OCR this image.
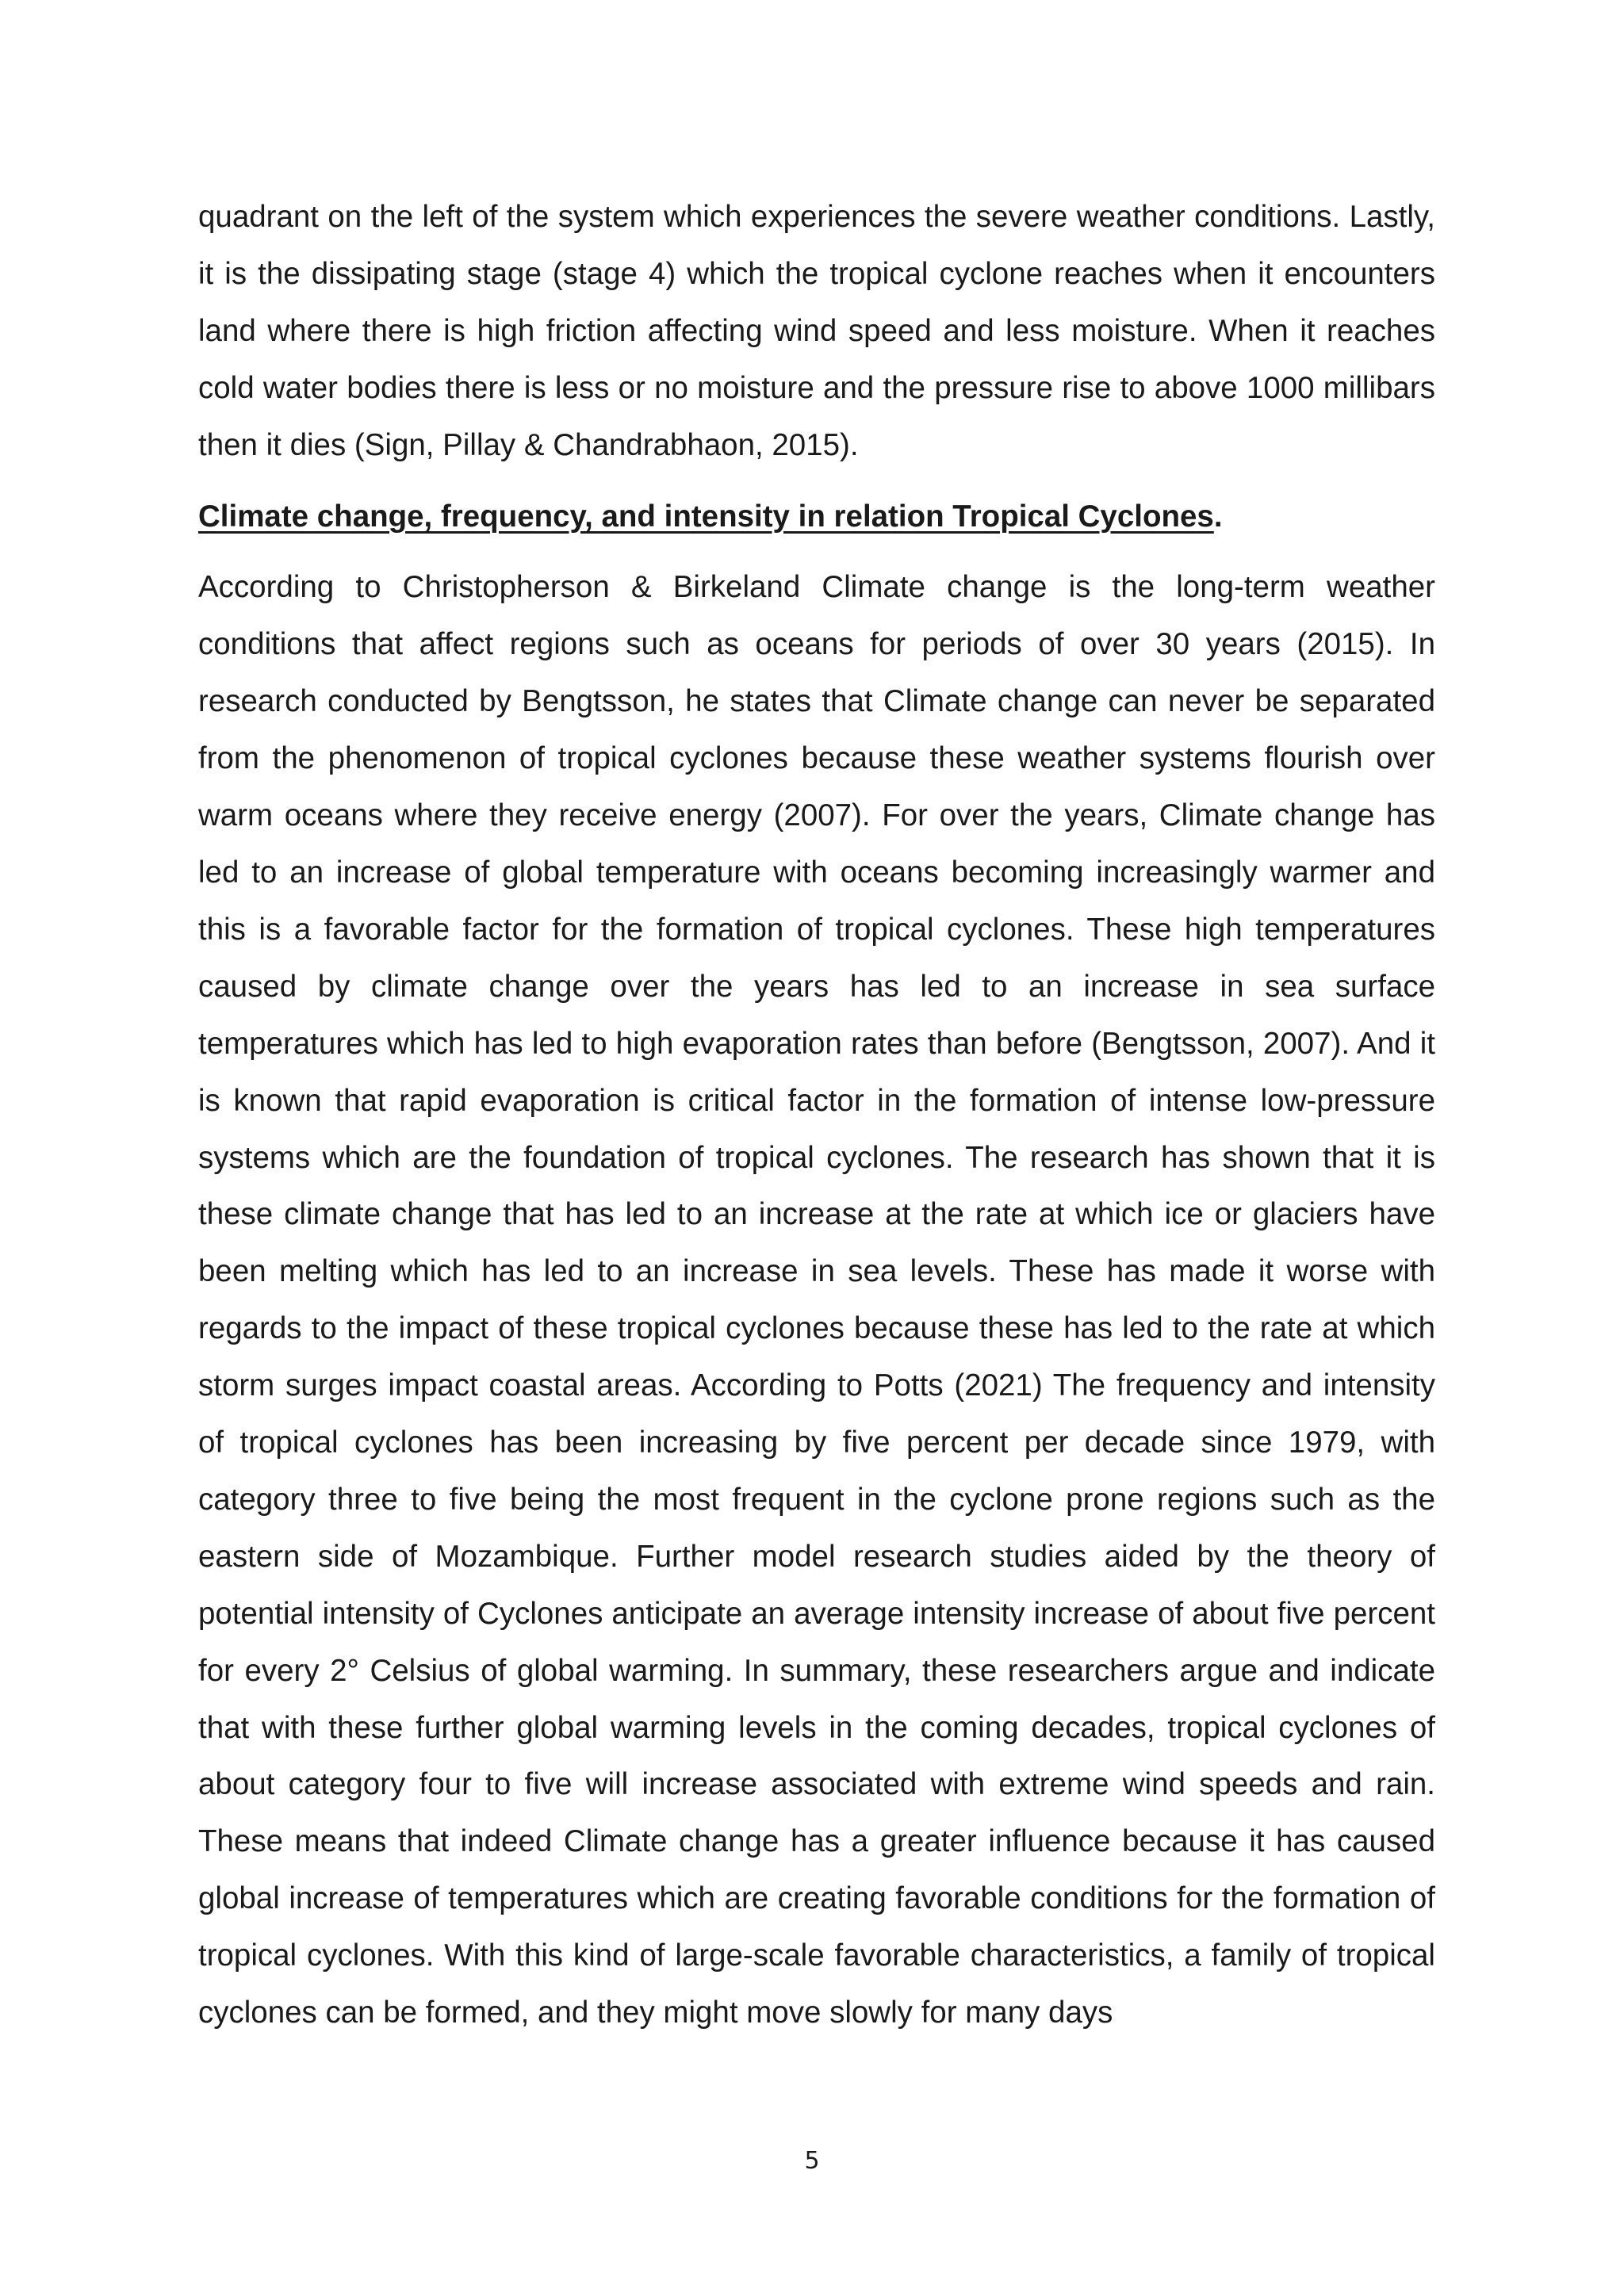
quadrant on the left of the system which experiences the severe weather conditions. Lastly, it is the dissipating stage (stage 4) which the tropical cyclone reaches when it encounters land where there is high friction affecting wind speed and less moisture. When it reaches cold water bodies there is less or no moisture and the pressure rise to above 1000 millibars then it dies (Sign, Pillay & Chandrabhaon, 2015).

Climate change, frequency, and intensity in relation Tropical Cyclones.

According to Christopherson & Birkeland Climate change is the long-term weather conditions that affect regions such as oceans for periods of over 30 years (2015). In research conducted by Bengtsson, he states that Climate change can never be separated from the phenomenon of tropical cyclones because these weather systems flourish over warm oceans where they receive energy (2007). For over the years, Climate change has led to an increase of global temperature with oceans becoming increasingly warmer and this is a favorable factor for the formation of tropical cyclones. These high temperatures caused by climate change over the years has led to an increase in sea surface temperatures which has led to high evaporation rates than before (Bengtsson, 2007). And it is known that rapid evaporation is critical factor in the formation of intense low-pressure systems which are the foundation of tropical cyclones. The research has shown that it is these climate change that has led to an increase at the rate at which ice or glaciers have been melting which has led to an increase in sea levels. These has made it worse with regards to the impact of these tropical cyclones because these has led to the rate at which storm surges impact coastal areas. According to Potts (2021) The frequency and intensity of tropical cyclones has been increasing by five percent per decade since 1979, with category three to five being the most frequent in the cyclone prone regions such as the eastern side of Mozambique. Further model research studies aided by the theory of potential intensity of Cyclones anticipate an average intensity increase of about five percent for every 2° Celsius of global warming. In summary, these researchers argue and indicate that with these further global warming levels in the coming decades, tropical cyclones of about category four to five will increase associated with extreme wind speeds and rain. These means that indeed Climate change has a greater influence because it has caused global increase of temperatures which are creating favorable conditions for the formation of tropical cyclones. With this kind of large-scale favorable characteristics, a family of tropical cyclones can be formed, and they might move slowly for many days

5
